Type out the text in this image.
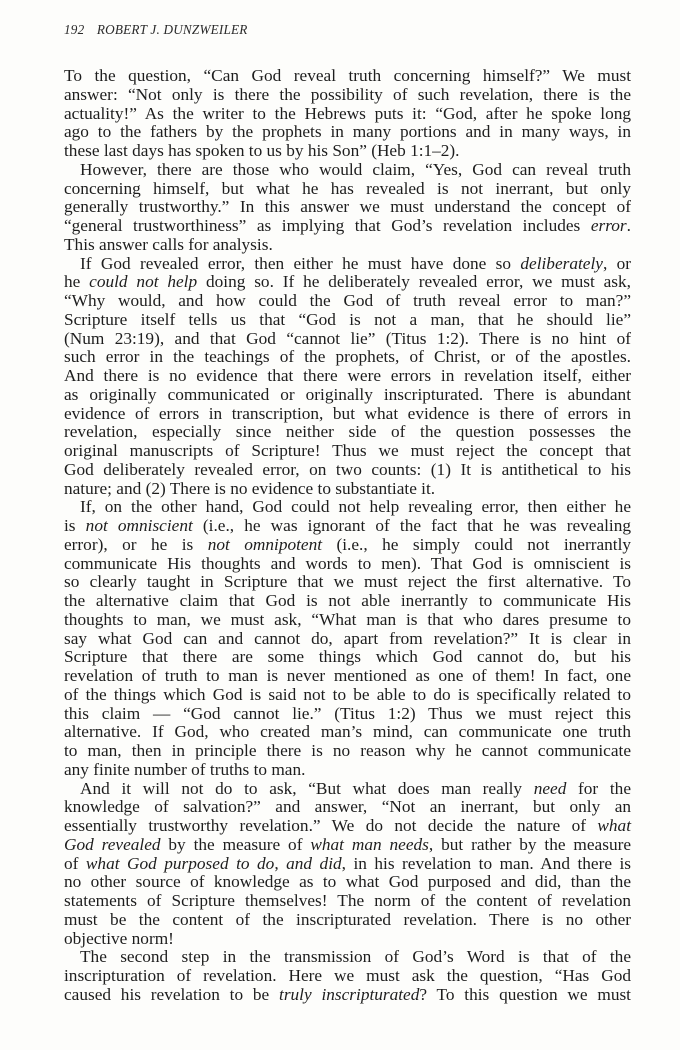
192 ROBERT J. DUNZWEILER
To the question, “Can God reveal truth concerning himself?” We must
answer: “Not only is there the possibility of such revelation, there is the
actuality!” As the writer to the Hebrews puts it: “God, after he spoke long
ago to the fathers by the prophets in many portions and in many ways, in
these last days has spoken to us by his Son” (Heb 1:1–2).
However, there are those who would claim, “Yes, God can reveal truth
concerning himself, but what he has revealed is not inerrant, but only
generally trustworthy.” In this answer we must understand the concept of
“general trustworthiness” as implying that God’s revelation includes error.
This answer calls for analysis.
If God revealed error, then either he must have done so deliberately, or
he could not help doing so. If he deliberately revealed error, we must ask,
“Why would, and how could the God of truth reveal error to man?”
Scripture itself tells us that “God is not a man, that he should lie”
(Num 23:19), and that God “cannot lie” (Titus 1:2). There is no hint of
such error in the teachings of the prophets, of Christ, or of the apostles.
And there is no evidence that there were errors in revelation itself, either
as originally communicated or originally inscripturated. There is abundant
evidence of errors in transcription, but what evidence is there of errors in
revelation, especially since neither side of the question possesses the
original manuscripts of Scripture! Thus we must reject the concept that
God deliberately revealed error, on two counts: (1) It is antithetical to his
nature; and (2) There is no evidence to substantiate it.
If, on the other hand, God could not help revealing error, then either he
is not omniscient (i.e., he was ignorant of the fact that he was revealing
error), or he is not omnipotent (i.e., he simply could not inerrantly
communicate His thoughts and words to men). That God is omniscient is
so clearly taught in Scripture that we must reject the first alternative. To
the alternative claim that God is not able inerrantly to communicate His
thoughts to man, we must ask, “What man is that who dares presume to
say what God can and cannot do, apart from revelation?” It is clear in
Scripture that there are some things which God cannot do, but his
revelation of truth to man is never mentioned as one of them! In fact, one
of the things which God is said not to be able to do is specifically related to
this claim — “God cannot lie.” (Titus 1:2) Thus we must reject this
alternative. If God, who created man’s mind, can communicate one truth
to man, then in principle there is no reason why he cannot communicate
any finite number of truths to man.
And it will not do to ask, “But what does man really need for the
knowledge of salvation?” and answer, “Not an inerrant, but only an
essentially trustworthy revelation.” We do not decide the nature of what
God revealed by the measure of what man needs, but rather by the measure
of what God purposed to do, and did, in his revelation to man. And there is
no other source of knowledge as to what God purposed and did, than the
statements of Scripture themselves! The norm of the content of revelation
must be the content of the inscripturated revelation. There is no other
objective norm!
The second step in the transmission of God’s Word is that of the
inscripturation of revelation. Here we must ask the question, “Has God
caused his revelation to be truly inscripturated? To this question we must
